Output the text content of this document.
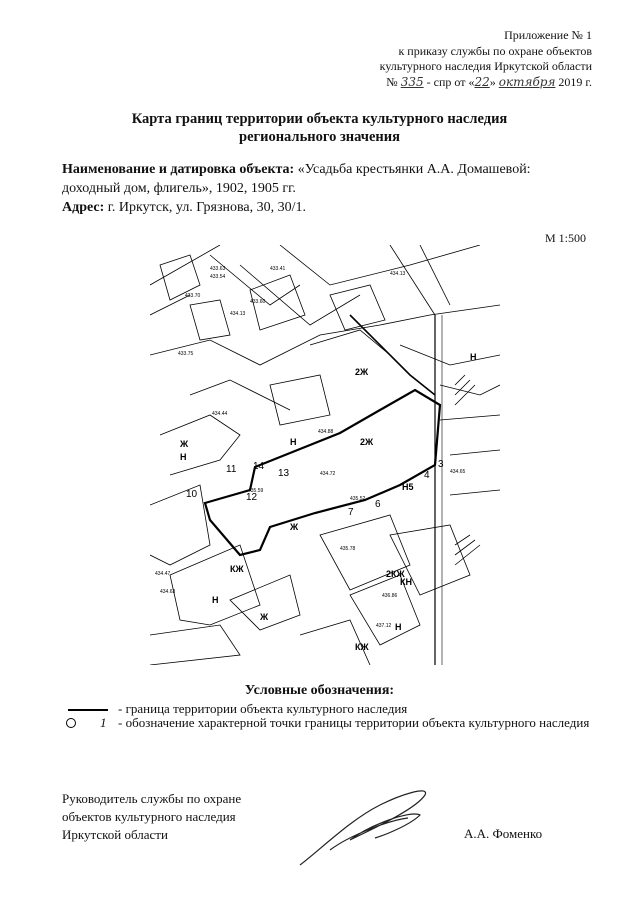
Приложение № 1
к приказу службы по охране объектов
культурного наследия Иркутской области
№ 335 - спр от «22» октября 2019 г.
Карта границ территории объекта культурного наследия
регионального значения
Наименование и датировка объекта: «Усадьба крестьянки А.А. Домашевой:
доходный дом, флигель», 1902, 1905 гг.
Адрес: г. Иркутск, ул. Грязнова, 30, 30/1.
М 1:500
3
4
6
7
10
11
12
13
14
Н
Ж
2Ж
Н5
КЖ
Н
Ж
Н
КН
2КЖ
Ж
Н
КЖ
2Ж
Н
433.63
433.54
433.60
434.13
434.88
434.72
435.52
435.78
434.47
434.63
435.59
436.86
437.12
433.41
433.75
433.70
434.13
434.44
434.65
Условные обозначения:
- граница территории объекта культурного наследия
1 - обозначение характерной точки границы территории объекта культурного наследия
Руководитель службы по охране
объектов культурного наследия
Иркутской области	А.А. Фоменко
